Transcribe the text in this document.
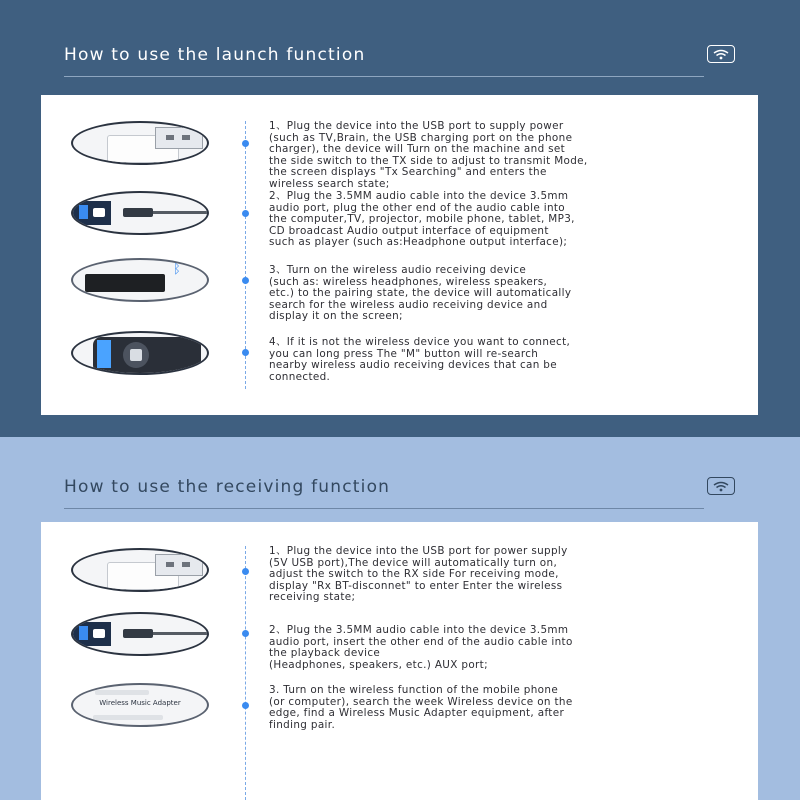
How to use the launch function
ᛒ
1、Plug the device into the USB port to supply power
(such as TV,Brain, the USB charging port on the phone
charger), the device will Turn on the machine and set
the side switch to the TX side to adjust to transmit Mode,
the screen displays "Tx Searching" and enters the
wireless search state;
2、Plug the 3.5MM audio cable into the device 3.5mm
audio port, plug the other end of the audio cable into
the computer,TV, projector, mobile phone, tablet, MP3,
CD broadcast Audio output interface of equipment
such as player (such as:Headphone output interface);
3、Turn on the wireless audio receiving device
(such as: wireless headphones, wireless speakers,
etc.) to the pairing state, the device will automatically
search for the wireless audio receiving device and
display it on the screen;
4、If it is not the wireless device you want to connect,
you can long press The "M" button will re-search
nearby wireless audio receiving devices that can be
connected.
How to use the receiving function
Wireless Music Adapter
1、Plug the device into the USB port for power supply
(5V USB port),The device will automatically turn on,
adjust the switch to the RX side For receiving mode,
display "Rx BT-disconnet" to enter Enter the wireless
receiving state;
2、Plug the 3.5MM audio cable into the device 3.5mm
audio port, insert the other end of the audio cable into
the playback device
(Headphones, speakers, etc.) AUX port;
3. Turn on the wireless function of the mobile phone
(or computer), search the week Wireless device on the
edge, find a Wireless Music Adapter equipment, after
finding pair.
